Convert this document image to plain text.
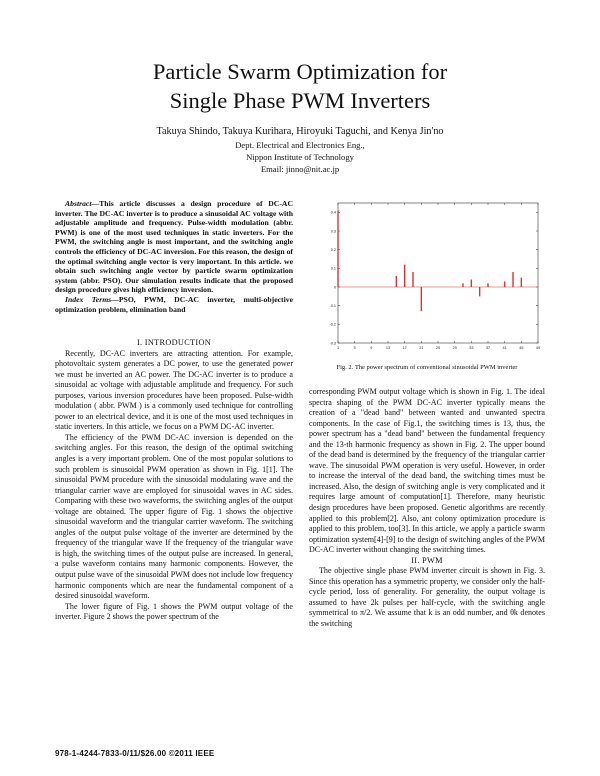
Particle Swarm Optimization for
Single Phase PWM Inverters
Takuya Shindo, Takuya Kurihara, Hiroyuki Taguchi, and Kenya Jin'no
Dept. Electrical and Electronics Eng.,
Nippon Institute of Technology
Email: jinno@nit.ac.jp

Abstract—This article discusses a design procedure of DC-AC inverter. The DC-AC inverter is to produce a sinusoidal AC voltage with adjustable amplitude and frequency. Pulse-width modulation (abbr. PWM) is one of the most used techniques in static inverters. For the PWM, the switching angle is most important, and the switching angle controls the efficiency of DC-AC inversion. For this reason, the design of the optimal switching angle vector is very important. In this article. we obtain such switching angle vector by particle swarm optimization system (abbr. PSO). Our simulation results indicate that the proposed design procedure gives high efficiency inversion.

Index Terms—PSO, PWM, DC-AC inverter, multi-objective optimization problem, elimination band

I. INTRODUCTION

Recently, DC-AC inverters are attracting attention. For example, photovoltaic system generates a DC power, to use the generated power we must be inverted an AC power. The DC-AC inverter is to produce a sinusoidal ac voltage with adjustable amplitude and frequency. For such purposes, various inversion procedures have been proposed. Pulse-width modulation ( abbr. PWM ) is a commonly used technique for controlling power to an electrical device, and it is one of the most used techniques in static inverters. In this article, we focus on a PWM DC-AC inverter.

The efficiency of the PWM DC-AC inversion is depended on the switching angles. For this reason, the design of the optimal switching angles is a very important problem. One of the most popular solutions to such problem is sinusoidal PWM operation as shown in Fig. 1[1]. The sinusoidal PWM procedure with the sinusoidal modulating wave and the triangular carrier wave are employed for sinusoidal waves in AC sides. Comparing with these two waveforms, the switching angles of the output voltage are obtained. The upper figure of Fig. 1 shows the objective sinusoidal waveform and the triangular carrier waveform. The switching angles of the output pulse voltage of the inverter are determined by the frequency of the triangular wave If the frequency of the triangular wave is high, the switching times of the output pulse are increased. In general, a pulse waveform contains many harmonic components. However, the output pulse wave of the sinusoidal PWM does not include low frequency harmonic components which are near the fundamental component of a desired sinusoidal waveform.

The lower figure of Fig. 1 shows the PWM output voltage of the inverter. Figure 2 shows the power spectrum of the

0.4
0.3
0.2
0.1
0
-0.1
-0.2
-0.3
1	5	9	13	17	21	25	29	33	37	41	45	49
Fig. 2. The power spectrum of conventional sinusoidal PWM inverter

corresponding PWM output voltage which is shown in Fig. 1. The ideal spectra shaping of the PWM DC-AC inverter typically means the creation of a "dead band" between wanted and unwanted spectra components. In the case of Fig.1, the switching times is 13, thus, the power spectrum has a "dead band" between the fundamental frequency and the 13-th harmonic frequency as shown in Fig. 2. The upper bound of the dead band is determined by the frequency of the triangular carrier wave. The sinusoidal PWM operation is very useful. However, in order to increase the interval of the dead band, the switching times must be increased. Also, the design of switching angle is very complicated and it requires large amount of computation[1]. Therefore, many heuristic design procedures have been proposed. Genetic algorithms are recently applied to this problem[2]. Also, ant colony optimization procedure is applied to this problem, too[3]. In this article, we apply a particle swarm optimization system[4]-[9] to the design of switching angles of the PWM DC-AC inverter without changing the switching times.

II. PWM

The objective single phase PWM inverter circuit is shown in Fig. 3. Since this operation has a symmetric property, we consider only the half-cycle period, loss of generality. For generality, the output voltage is assumed to have 2k pulses per half-cycle, with the switching angle symmetrical to π/2. We assume that k is an odd number, and θk denotes the switching

978-1-4244-7833-0/11/$26.00 ©2011 IEEE
